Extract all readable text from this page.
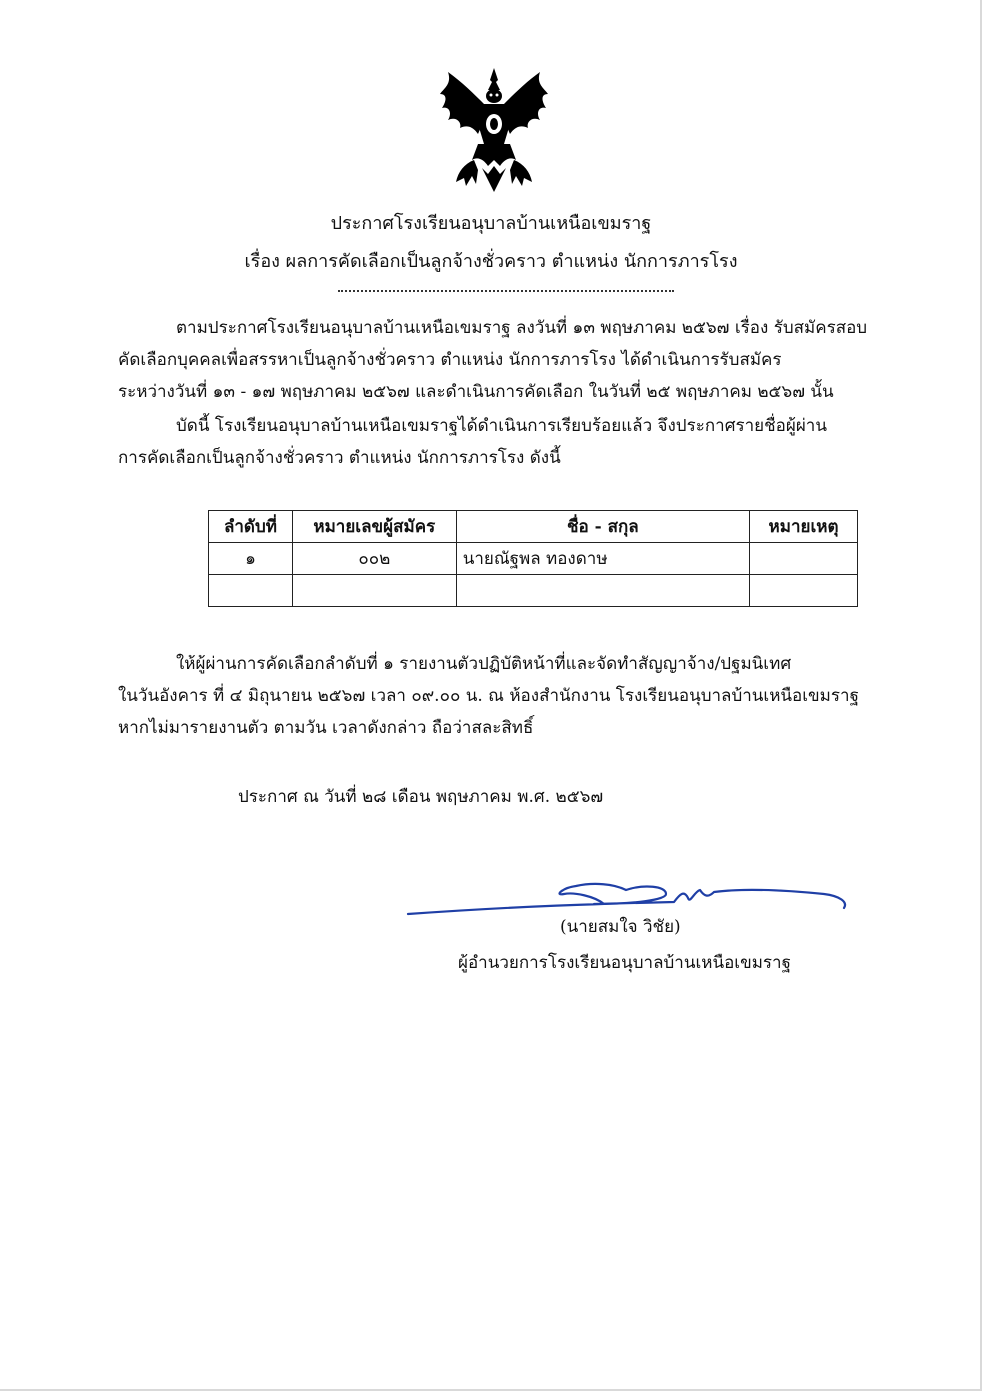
ประกาศโรงเรียนอนุบาลบ้านเหนือเขมราฐ
เรื่อง ผลการคัดเลือกเป็นลูกจ้างชั่วคราว ตำแหน่ง นักการภารโรง
ตามประกาศโรงเรียนอนุบาลบ้านเหนือเขมราฐ ลงวันที่ ๑๓ พฤษภาคม ๒๕๖๗ เรื่อง รับสมัครสอบ
คัดเลือกบุคคลเพื่อสรรหาเป็นลูกจ้างชั่วคราว ตำแหน่ง นักการภารโรง ได้ดำเนินการรับสมัคร
ระหว่างวันที่ ๑๓ - ๑๗ พฤษภาคม ๒๕๖๗ และดำเนินการคัดเลือก ในวันที่ ๒๕ พฤษภาคม ๒๕๖๗ นั้น
บัดนี้ โรงเรียนอนุบาลบ้านเหนือเขมราฐได้ดำเนินการเรียบร้อยแล้ว จึงประกาศรายชื่อผู้ผ่าน
การคัดเลือกเป็นลูกจ้างชั่วคราว ตำแหน่ง นักการภารโรง ดังนี้
ลำดับที่	หมายเลขผู้สมัคร	ชื่อ - สกุล	หมายเหตุ
๑	๐๐๒	นายณัฐพล ทองดาษ	

ให้ผู้ผ่านการคัดเลือกลำดับที่ ๑ รายงานตัวปฏิบัติหน้าที่และจัดทำสัญญาจ้าง/ปฐมนิเทศ
ในวันอังคาร ที่ ๔ มิถุนายน ๒๕๖๗ เวลา ๐๙.๐๐ น. ณ ห้องสำนักงาน โรงเรียนอนุบาลบ้านเหนือเขมราฐ
หากไม่มารายงานตัว ตามวัน เวลาดังกล่าว ถือว่าสละสิทธิ์
ประกาศ ณ วันที่ ๒๘ เดือน พฤษภาคม พ.ศ. ๒๕๖๗
(นายสมใจ วิชัย)
ผู้อำนวยการโรงเรียนอนุบาลบ้านเหนือเขมราฐ
